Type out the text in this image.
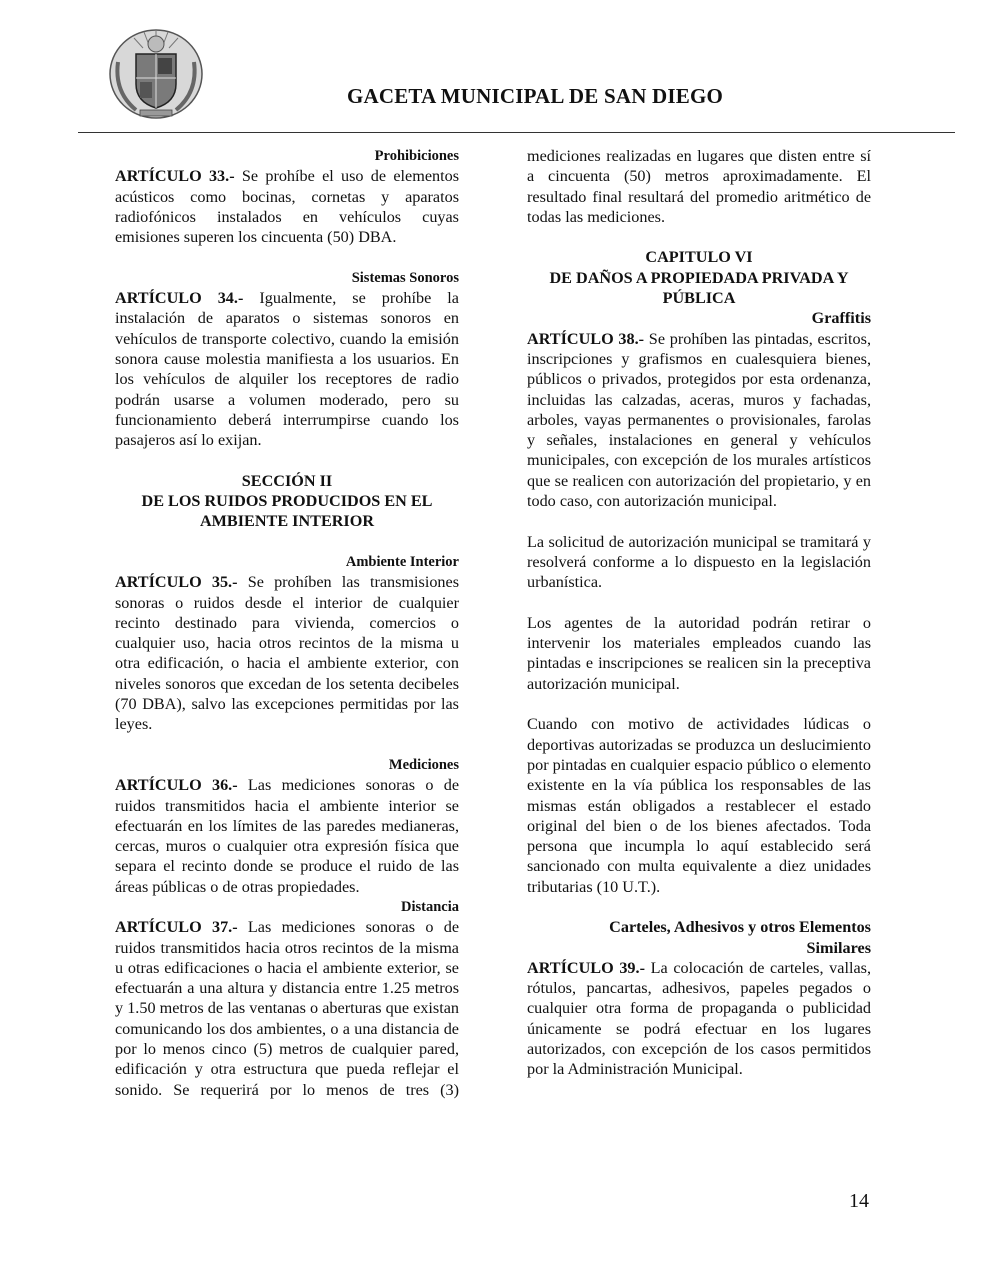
GACETA MUNICIPAL DE SAN DIEGO

Prohibiciones

ARTÍCULO 33.- Se prohíbe el uso de elementos acústicos como bocinas, cornetas y aparatos radiofónicos instalados en vehículos cuyas emisiones superen los cincuenta (50) DBA.

Sistemas Sonoros

ARTÍCULO 34.- Igualmente, se prohíbe la instalación de aparatos o sistemas sonoros en vehículos de transporte colectivo, cuando la emisión sonora cause molestia manifiesta a los usuarios. En los vehículos de alquiler los receptores de radio podrán usarse a volumen moderado, pero su funcionamiento deberá interrumpirse cuando los pasajeros así lo exijan.

SECCIÓN II

DE LOS RUIDOS PRODUCIDOS EN EL

AMBIENTE INTERIOR

Ambiente Interior

ARTÍCULO 35.- Se prohíben las transmisiones sonoras o ruidos desde el interior de cualquier recinto destinado para vivienda, comercios o cualquier uso, hacia otros recintos de la misma u otra edificación, o hacia el ambiente exterior, con niveles sonoros que excedan de los setenta decibeles (70 DBA), salvo las excepciones permitidas por las leyes.

Mediciones

ARTÍCULO 36.- Las mediciones sonoras o de ruidos transmitidos hacia el ambiente interior se efectuarán en los límites de las paredes medianeras, cercas, muros o cualquier otra expresión física que separa el recinto donde se produce el ruido de las áreas públicas o de otras propiedades.

Distancia

ARTÍCULO 37.- Las mediciones sonoras o de ruidos transmitidos hacia otros recintos de la misma u otras edificaciones o hacia el ambiente exterior, se efectuarán a una altura y distancia entre 1.25 metros y 1.50 metros de las ventanas o aberturas que existan comunicando los dos ambientes, o a una distancia de por lo menos cinco (5) metros de cualquier pared, edificación y otra estructura que pueda reflejar el sonido. Se requerirá por lo menos de tres (3)

mediciones realizadas en lugares que disten entre sí a cincuenta (50) metros aproximadamente. El resultado final resultará del promedio aritmético de todas las mediciones.

CAPITULO VI

DE DAÑOS A PROPIEDADA PRIVADA Y

PÚBLICA

Graffitis

ARTÍCULO 38.- Se prohíben las pintadas, escritos, inscripciones y grafismos en cualesquiera bienes, públicos o privados, protegidos por esta ordenanza, incluidas las calzadas, aceras, muros y fachadas, arboles, vayas permanentes o provisionales, farolas y señales, instalaciones en general y vehículos municipales, con excepción de los murales artísticos que se realicen con autorización del propietario, y en todo caso, con autorización municipal.

La solicitud de autorización municipal se tramitará y resolverá conforme a lo dispuesto en la legislación urbanística.

Los agentes de la autoridad podrán retirar o intervenir los materiales empleados cuando las pintadas e inscripciones se realicen sin la preceptiva autorización municipal.

Cuando con motivo de actividades lúdicas o deportivas autorizadas se produzca un deslucimiento por pintadas en cualquier espacio público o elemento existente en la vía pública los responsables de las mismas están obligados a restablecer el estado original del bien o de los bienes afectados. Toda persona que incumpla lo aquí establecido será sancionado con multa equivalente a diez unidades tributarias (10 U.T.).

Carteles, Adhesivos y otros Elementos

Similares

ARTÍCULO 39.- La colocación de carteles, vallas, rótulos, pancartas, adhesivos, papeles pegados o cualquier otra forma de propaganda o publicidad únicamente se podrá efectuar en los lugares autorizados, con excepción de los casos permitidos por la Administración Municipal.

14
